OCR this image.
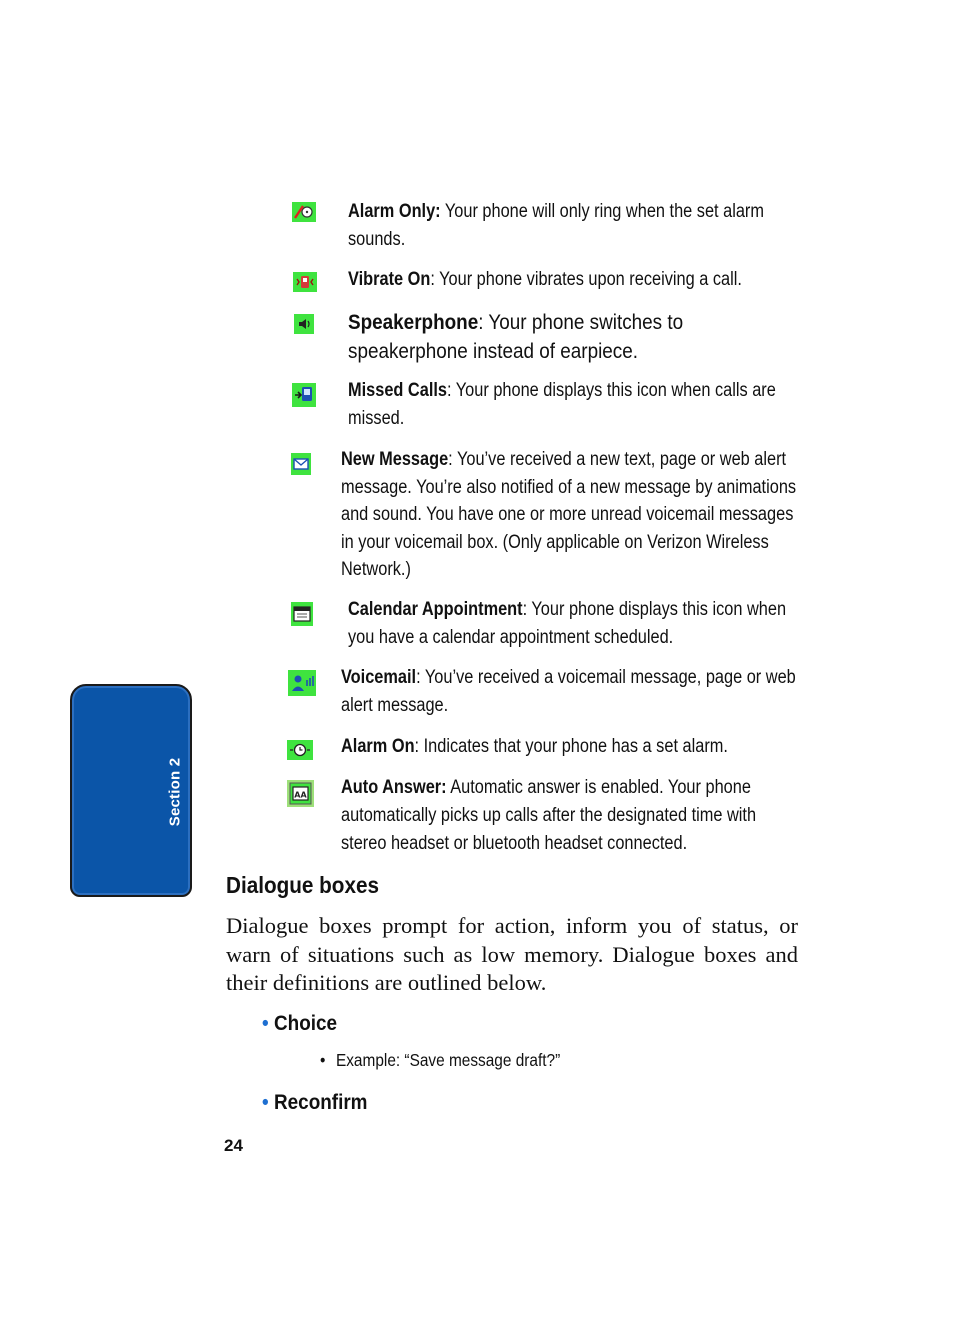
Section 2
Alarm Only: Your phone will only ring when the set alarm sounds.
Vibrate On: Your phone vibrates upon receiving a call.
Speakerphone: Your phone switches to speakerphone instead of earpiece.
Missed Calls: Your phone displays this icon when calls are missed.
New Message: You’ve received a new text, page or web alert message. You’re also notified of a new message by animations and sound. You have one or more unread voicemail messages in your voicemail box. (Only applicable on Verizon Wireless Network.)
Calendar Appointment: Your phone displays this icon when you have a calendar appointment scheduled.
Voicemail: You’ve received a voicemail message, page or web alert message.
Alarm On: Indicates that your phone has a set alarm.
AA Auto Answer: Automatic answer is enabled. Your phone automatically picks up calls after the designated time with stereo headset or bluetooth headset connected.
Dialogue boxes
Dialogue boxes prompt for action, inform you of status, or warn of situations such as low memory. Dialogue boxes and their definitions are outlined below.
• Choice
• Example: “Save message draft?”
• Reconfirm
24
